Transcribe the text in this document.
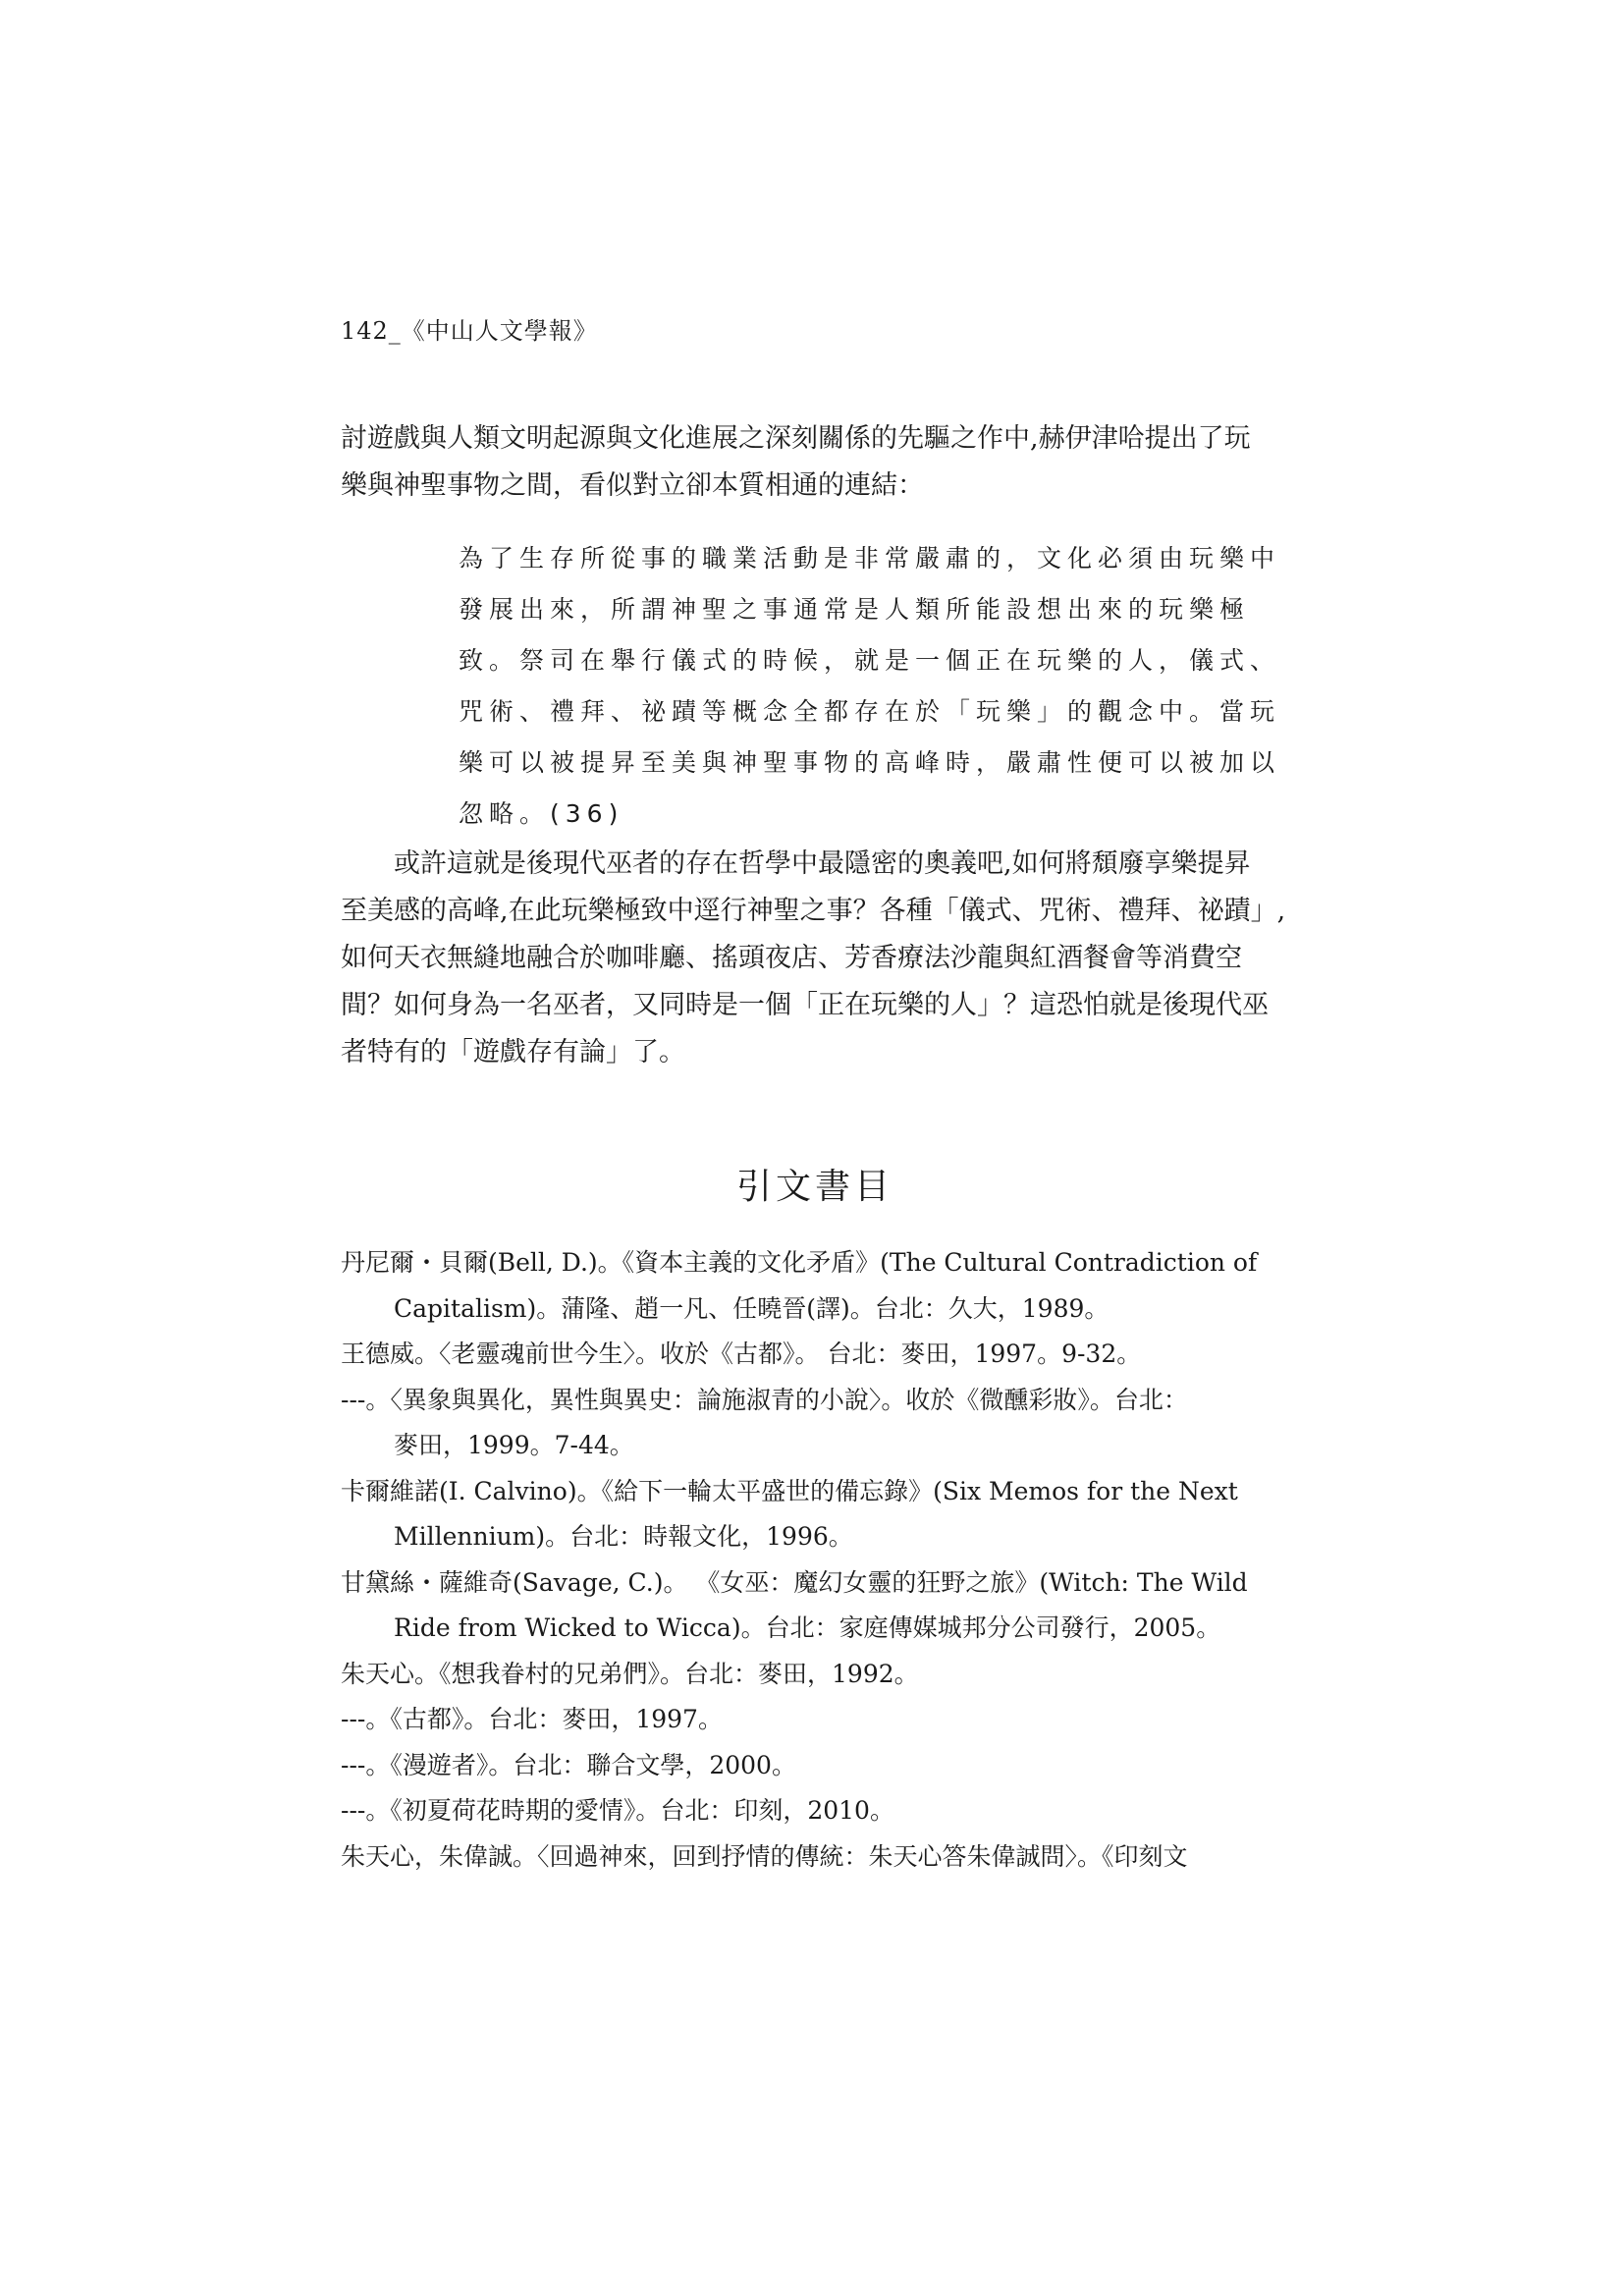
142_《中山人文學報》
討遊戲與人類文明起源與文化進展之深刻關係的先驅之作中,赫伊津哈提出了玩
樂與神聖事物之間，看似對立卻本質相通的連結：
為了生存所從事的職業活動是非常嚴肅的，文化必須由玩樂中
發展出來，所謂神聖之事通常是人類所能設想出來的玩樂極
致。祭司在舉行儀式的時候，就是一個正在玩樂的人，儀式、
咒術、禮拜、祕蹟等概念全都存在於「玩樂」的觀念中。當玩
樂可以被提昇至美與神聖事物的高峰時，嚴肅性便可以被加以
忽略。(36)
或許這就是後現代巫者的存在哲學中最隱密的奧義吧,如何將頹廢享樂提昇
至美感的高峰,在此玩樂極致中逕行神聖之事？各種「儀式、咒術、禮拜、祕蹟」,
如何天衣無縫地融合於咖啡廳、搖頭夜店、芳香療法沙龍與紅酒餐會等消費空
間？如何身為一名巫者，又同時是一個「正在玩樂的人」？這恐怕就是後現代巫
者特有的「遊戲存有論」了。
引文書目
丹尼爾・貝爾(Bell, D.)。《資本主義的文化矛盾》(The Cultural Contradiction of
Capitalism)。蒲隆、趙一凡、任曉晉(譯)。台北：久大，1989。
王德威。〈老靈魂前世今生〉。收於《古都》。 台北：麥田，1997。9-32。
---。〈異象與異化，異性與異史：論施淑青的小說〉。收於《微醺彩妝》。台北：
麥田，1999。7-44。
卡爾維諾(I. Calvino)。《給下一輪太平盛世的備忘錄》(Six Memos for the Next
Millennium)。台北：時報文化，1996。
甘黛絲・薩維奇(Savage, C.)。 《女巫：魔幻女靈的狂野之旅》(Witch: The Wild
Ride from Wicked to Wicca)。台北：家庭傳媒城邦分公司發行，2005。
朱天心。《想我眷村的兄弟們》。台北：麥田，1992。
---。《古都》。台北：麥田，1997。
---。《漫遊者》。台北：聯合文學，2000。
---。《初夏荷花時期的愛情》。台北：印刻，2010。
朱天心，朱偉誠。〈回過神來，回到抒情的傳統：朱天心答朱偉誠問〉。《印刻文
